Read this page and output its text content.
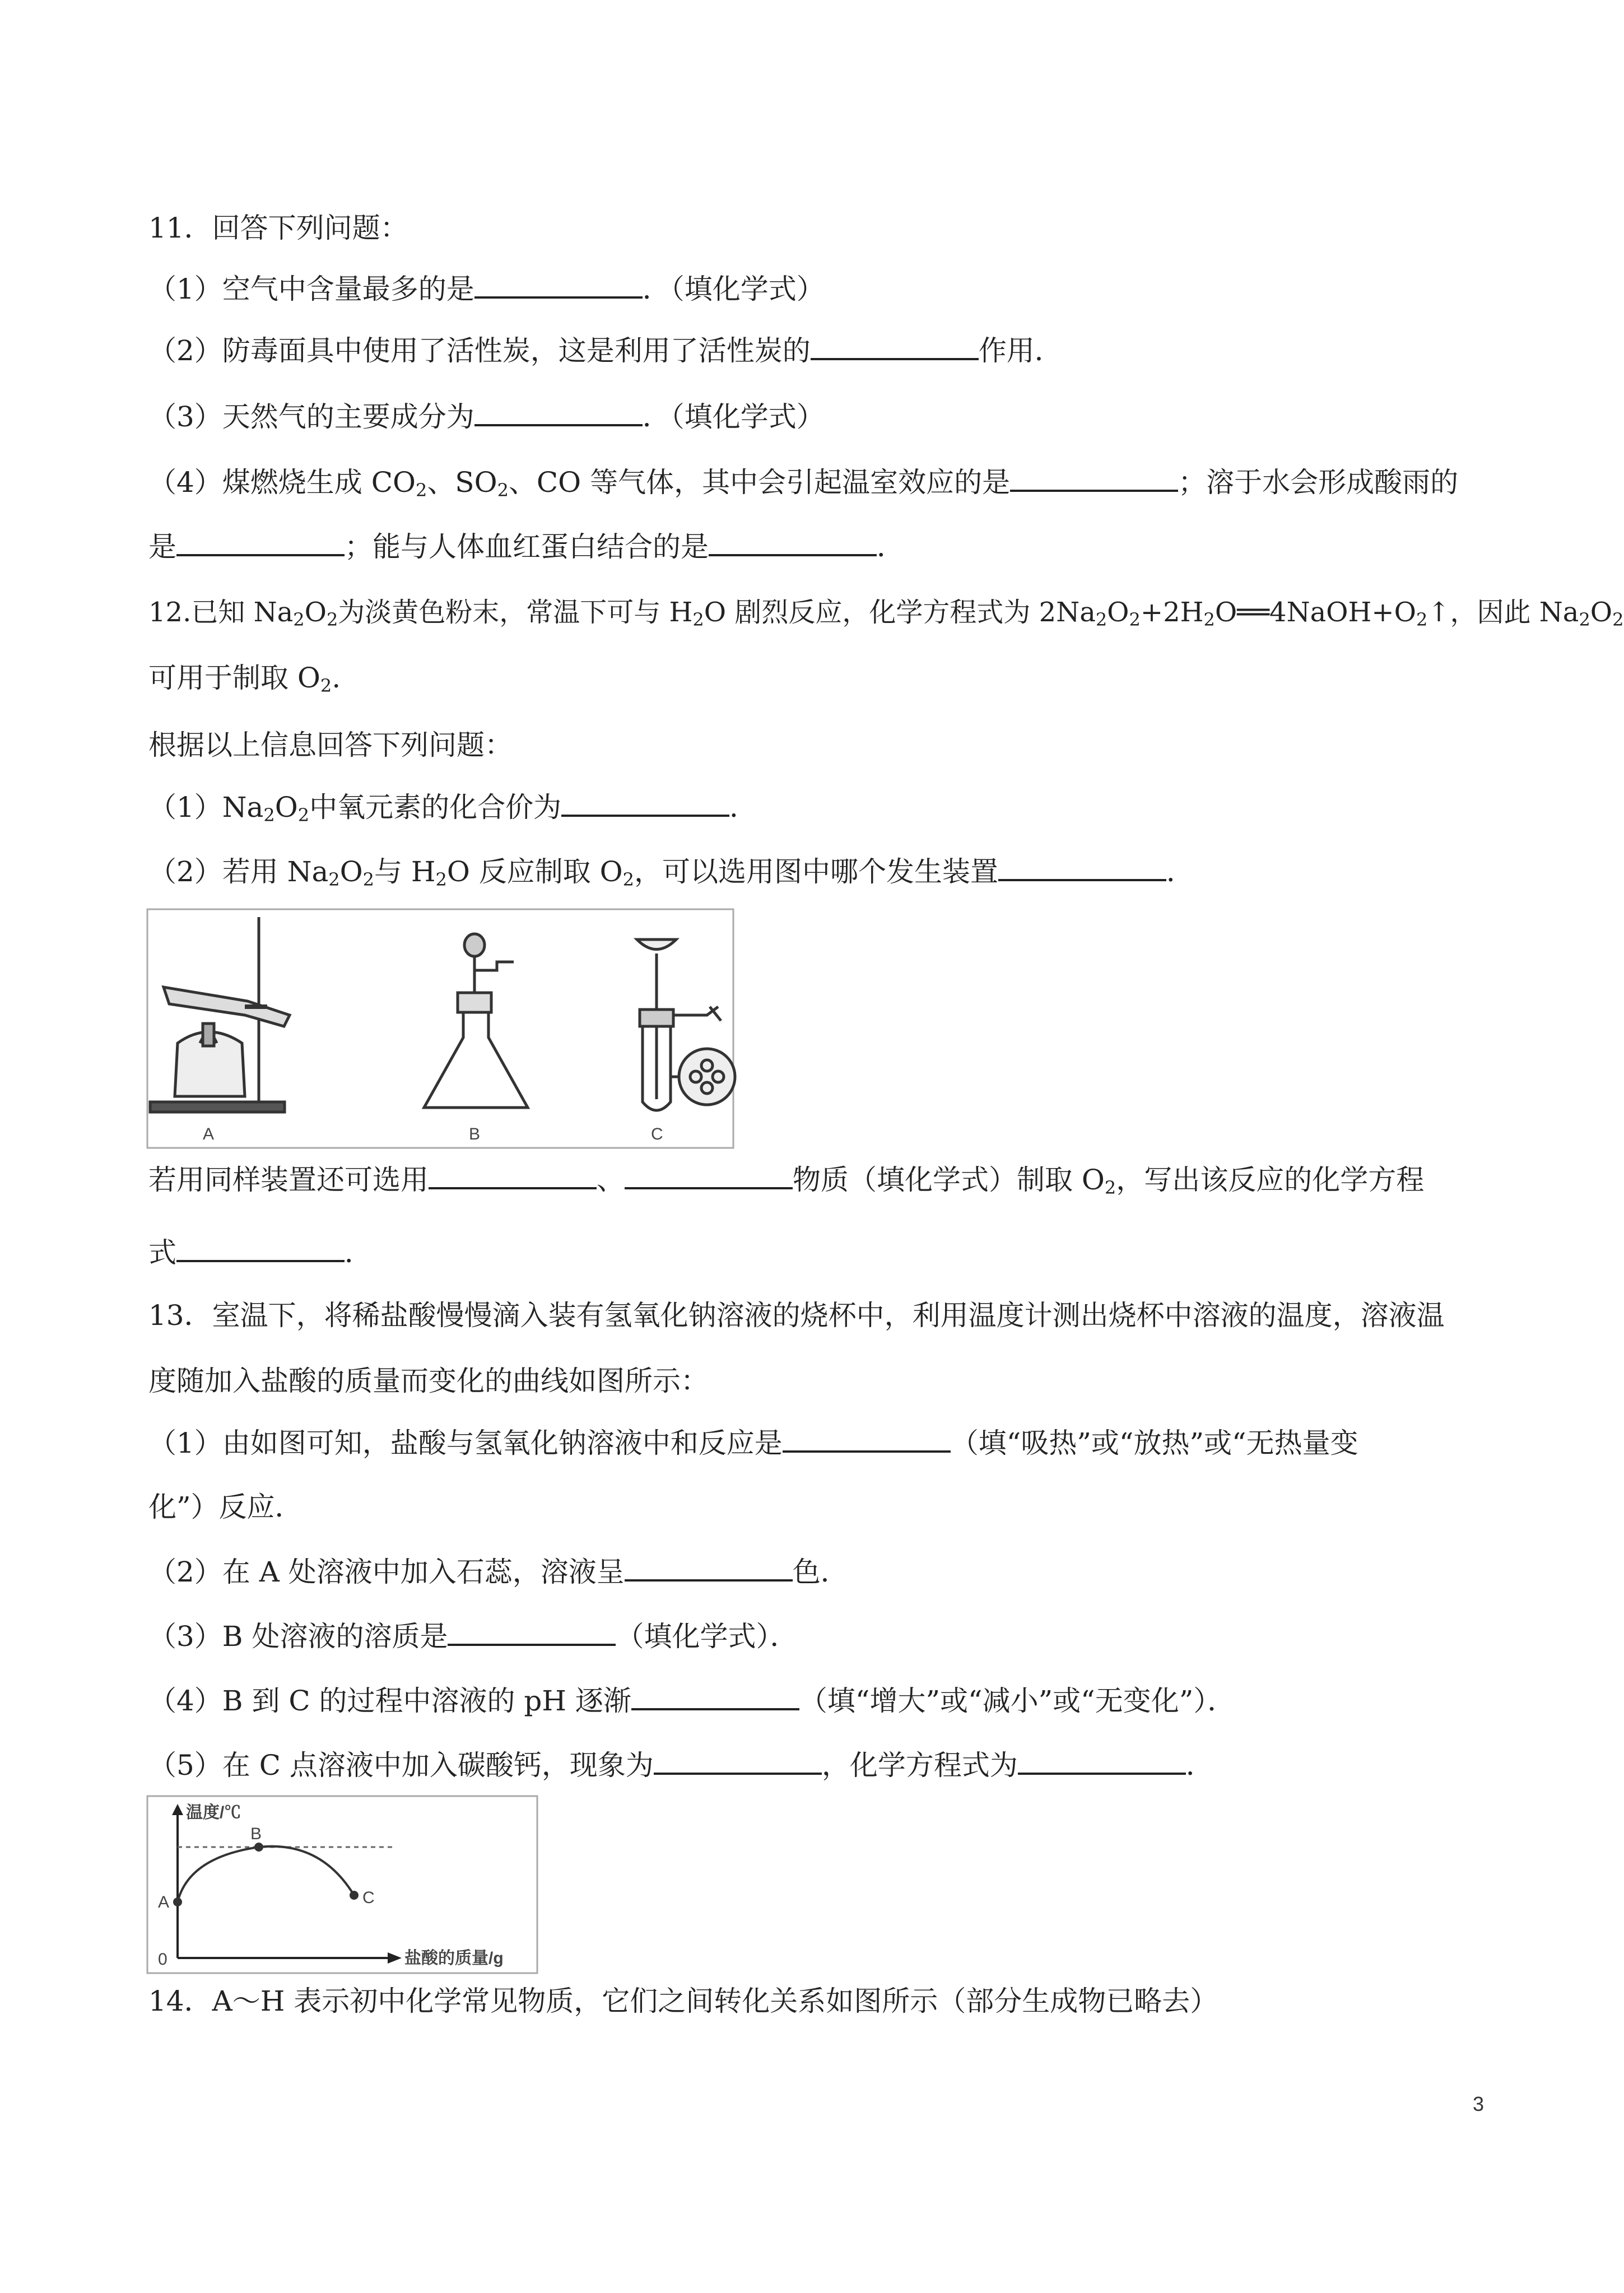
11．回答下列问题：
（1）空气中含量最多的是	．（填化学式）
（2）防毒面具中使用了活性炭，这是利用了活性炭的	作用．
（3）天然气的主要成分为	．（填化学式）
（4）煤燃烧生成 $CO_2$、$SO_2$、CO 等气体，其中会引起温室效应的是	；溶于水会形成酸雨的
是	；能与人体血红蛋白结合的是	．
12.已知 $Na_2O_2$为淡黄色粉末，常温下可与 $H_2O$ 剧烈反应，化学方程式为 $2Na_2O_2+2H_2O══4NaOH+O_2↑$，因此 $Na_2O_2$
可用于制取 $O_2$.
根据以上信息回答下列问题：
$(1)Na_2O_2$中氧元素的化合价为	．
（2）若用 $Na_2O_2$与 $H_2O$ 反应制取 $O_2$，可以选用图中哪个发生装置	．
A	B	C
若用同样装置还可选用	、	物质（填化学式）制取 $O_2$，写出该反应的化学方程
式	．
13．室温下，将稀盐酸慢慢滴入装有氢氧化钠溶液的烧杯中，利用温度计测出烧杯中溶液的温度，溶液温
度随加入盐酸的质量而变化的曲线如图所示：
（1）由如图可知，盐酸与氢氧化钠溶液中和反应是	（填“吸热”或“放热”或“无热量变
化”）反应．
（2）在 A 处溶液中加入石蕊，溶液呈	色．
（3）B 处溶液的溶质是	（填化学式）．
（4）B 到 C 的过程中溶液的 pH 逐渐	（填“增大”或“减小”或“无变化”）．
（5）在 C 点溶液中加入碳酸钙，现象为	，化学方程式为	．
温度/℃
盐酸的质量/g
0
A
B
C
14．A～H 表示初中化学常见物质，它们之间转化关系如图所示（部分生成物已略去）
3
